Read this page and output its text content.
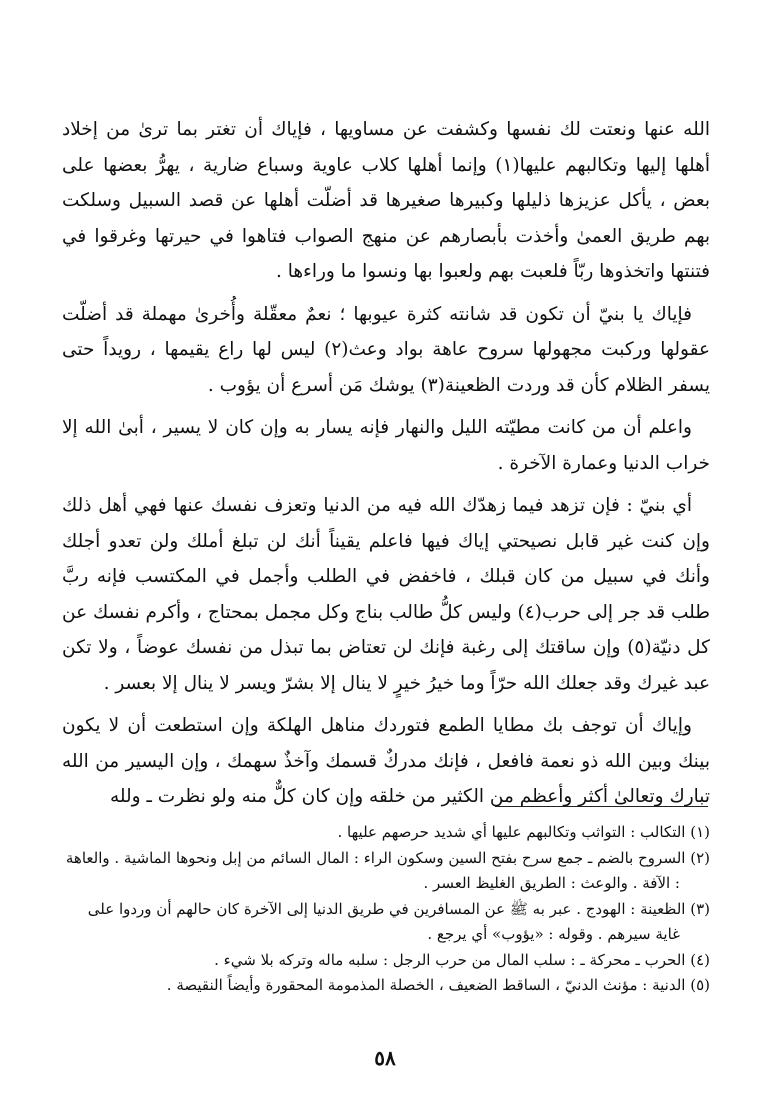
الله عنها ونعتت لك نفسها وكشفت عن مساويها ، فإياك أن تغتر بما ترىٰ من إخلاد أهلها إليها وتكالبهم عليها(١) وإنما أهلها كلاب عاوية وسباع ضارية ، يهرُّ بعضها على بعض ، يأكل عزيزها ذليلها وكبيرها صغيرها قد أضلّت أهلها عن قصد السبيل وسلكت بهم طريق العمىٰ وأخذت بأبصارهم عن منهج الصواب فتاهوا في حيرتها وغرقوا في فتنتها واتخذوها ربّاً فلعبت بهم ولعبوا بها ونسوا ما وراءها .

فإياك يا بنيّ أن تكون قد شانته كثرة عيوبها ؛ نعمٌ معقّلة وأُخرىٰ مهملة قد أضلّت عقولها وركبت مجهولها سروح عاهة بواد وعث(٢) ليس لها راع يقيمها ، رويداً حتى يسفر الظلام كأن قد وردت الظعينة(٣) يوشك مَن أسرع أن يؤوب .

واعلم أن من كانت مطيّته الليل والنهار فإنه يسار به وإن كان لا يسير ، أبىٰ الله إلا خراب الدنيا وعمارة الآخرة .

أي بنيّ : فإن تزهد فيما زهدّك الله فيه من الدنيا وتعزف نفسك عنها فهي أهل ذلك وإن كنت غير قابل نصيحتي إياك فيها فاعلم يقيناً أنك لن تبلغ أملك ولن تعدو أجلك وأنك في سبيل من كان قبلك ، فاخفض في الطلب وأجمل في المكتسب فإنه ربَّ طلب قد جر إلى حرب(٤) وليس كلُّ طالب بناج وكل مجمل بمحتاج ، وأكرم نفسك عن كل دنيّة(٥) وإن ساقتك إلى رغبة فإنك لن تعتاض بما تبذل من نفسك عوضاً ، ولا تكن عبد غيرك وقد جعلك الله حرّاً وما خيرُ خيرٍ لا ينال إلا بشرّ ويسر لا ينال إلا بعسر .

وإياك أن توجف بك مطايا الطمع فتوردك مناهل الهلكة وإن استطعت أن لا يكون بينك وبين الله ذو نعمة فافعل ، فإنك مدركٌ قسمك وآخذٌ سهمك ، وإن اليسير من الله تبارك وتعالىٰ أكثر وأعظم من الكثير من خلقه وإن كان كلٌّ منه ولو نظرت ـ ولله

(١) التكالب : التواثب وتكالبهم عليها أي شديد حرصهم عليها .

(٢) السروح بالضم ـ جمع سرح بفتح السين وسكون الراء : المال السائم من إبل ونحوها الماشية . والعاهة : الآفة . والوعث : الطريق الغليظ العسر .

(٣) الظعينة : الهودج . عبر به ﷺ عن المسافرين في طريق الدنيا إلى الآخرة كان حالهم أن وردوا على غاية سيرهم . وقوله : «يؤوب» أي يرجع .

(٤) الحرب ـ محركة ـ : سلب المال من حرب الرجل : سلبه ماله وتركه بلا شيء .

(٥) الدنية : مؤنث الدنيّ ، الساقط الضعيف ، الخصلة المذمومة المحقورة وأيضاً النقيصة .

٥٨
